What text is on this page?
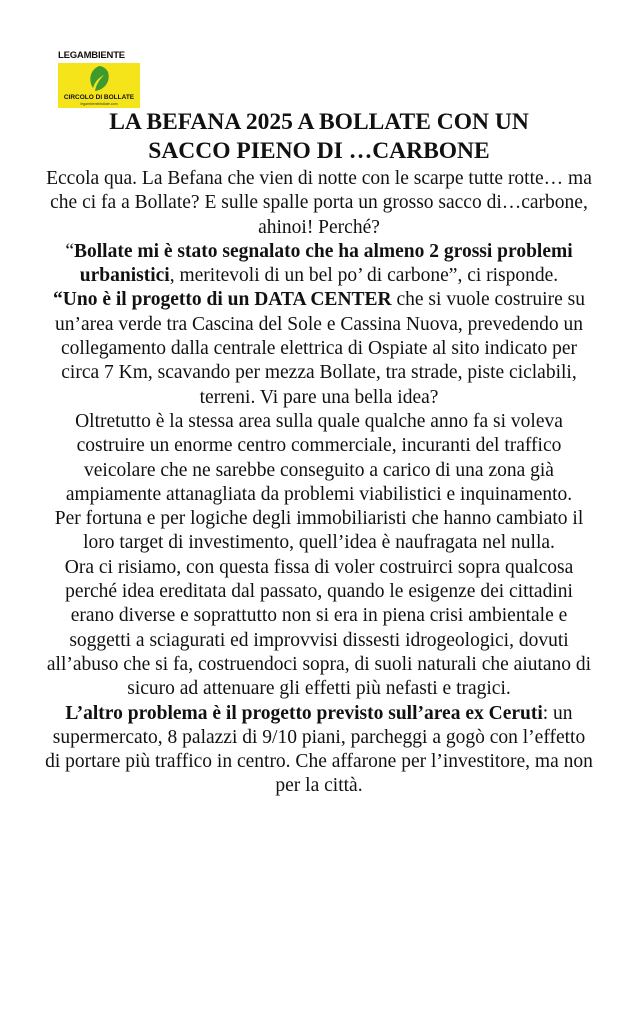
LEGAMBIENTE
CIRCOLO DI BOLLATE
legambientebollate.com
LA BEFANA 2025 A BOLLATE CON UN
SACCO PIENO DI …CARBONE

Eccola qua. La Befana che vien di notte con le scarpe tutte rotte… ma che ci fa a Bollate? E sulle spalle porta un grosso sacco di…carbone, ahinoi! Perché?

“Bollate mi è stato segnalato che ha almeno 2 grossi problemi urbanistici, meritevoli di un bel po’ di carbone”, ci risponde.

“Uno è il progetto di un DATA CENTER che si vuole costruire su un’area verde tra Cascina del Sole e Cassina Nuova, prevedendo un collegamento dalla centrale elettrica di Ospiate al sito indicato per circa 7 Km, scavando per mezza Bollate, tra strade, piste ciclabili, terreni. Vi pare una bella idea?

Oltretutto è la stessa area sulla quale qualche anno fa si voleva costruire un enorme centro commerciale, incuranti del traffico veicolare che ne sarebbe conseguito a carico di una zona già ampiamente attanagliata da problemi viabilistici e inquinamento.

Per fortuna e per logiche degli immobiliaristi che hanno cambiato il loro target di investimento, quell’idea è naufragata nel nulla.

Ora ci risiamo, con questa fissa di voler costruirci sopra qualcosa perché idea ereditata dal passato, quando le esigenze dei cittadini erano diverse e soprattutto non si era in piena crisi ambientale e soggetti a sciagurati ed improvvisi dissesti idrogeologici, dovuti all’abuso che si fa, costruendoci sopra, di suoli naturali che aiutano di sicuro ad attenuare gli effetti più nefasti e tragici.

L’altro problema è il progetto previsto sull’area ex Ceruti: un supermercato, 8 palazzi di 9/10 piani, parcheggi a gogò con l’effetto di portare più traffico in centro. Che affarone per l’investitore, ma non per la città.
